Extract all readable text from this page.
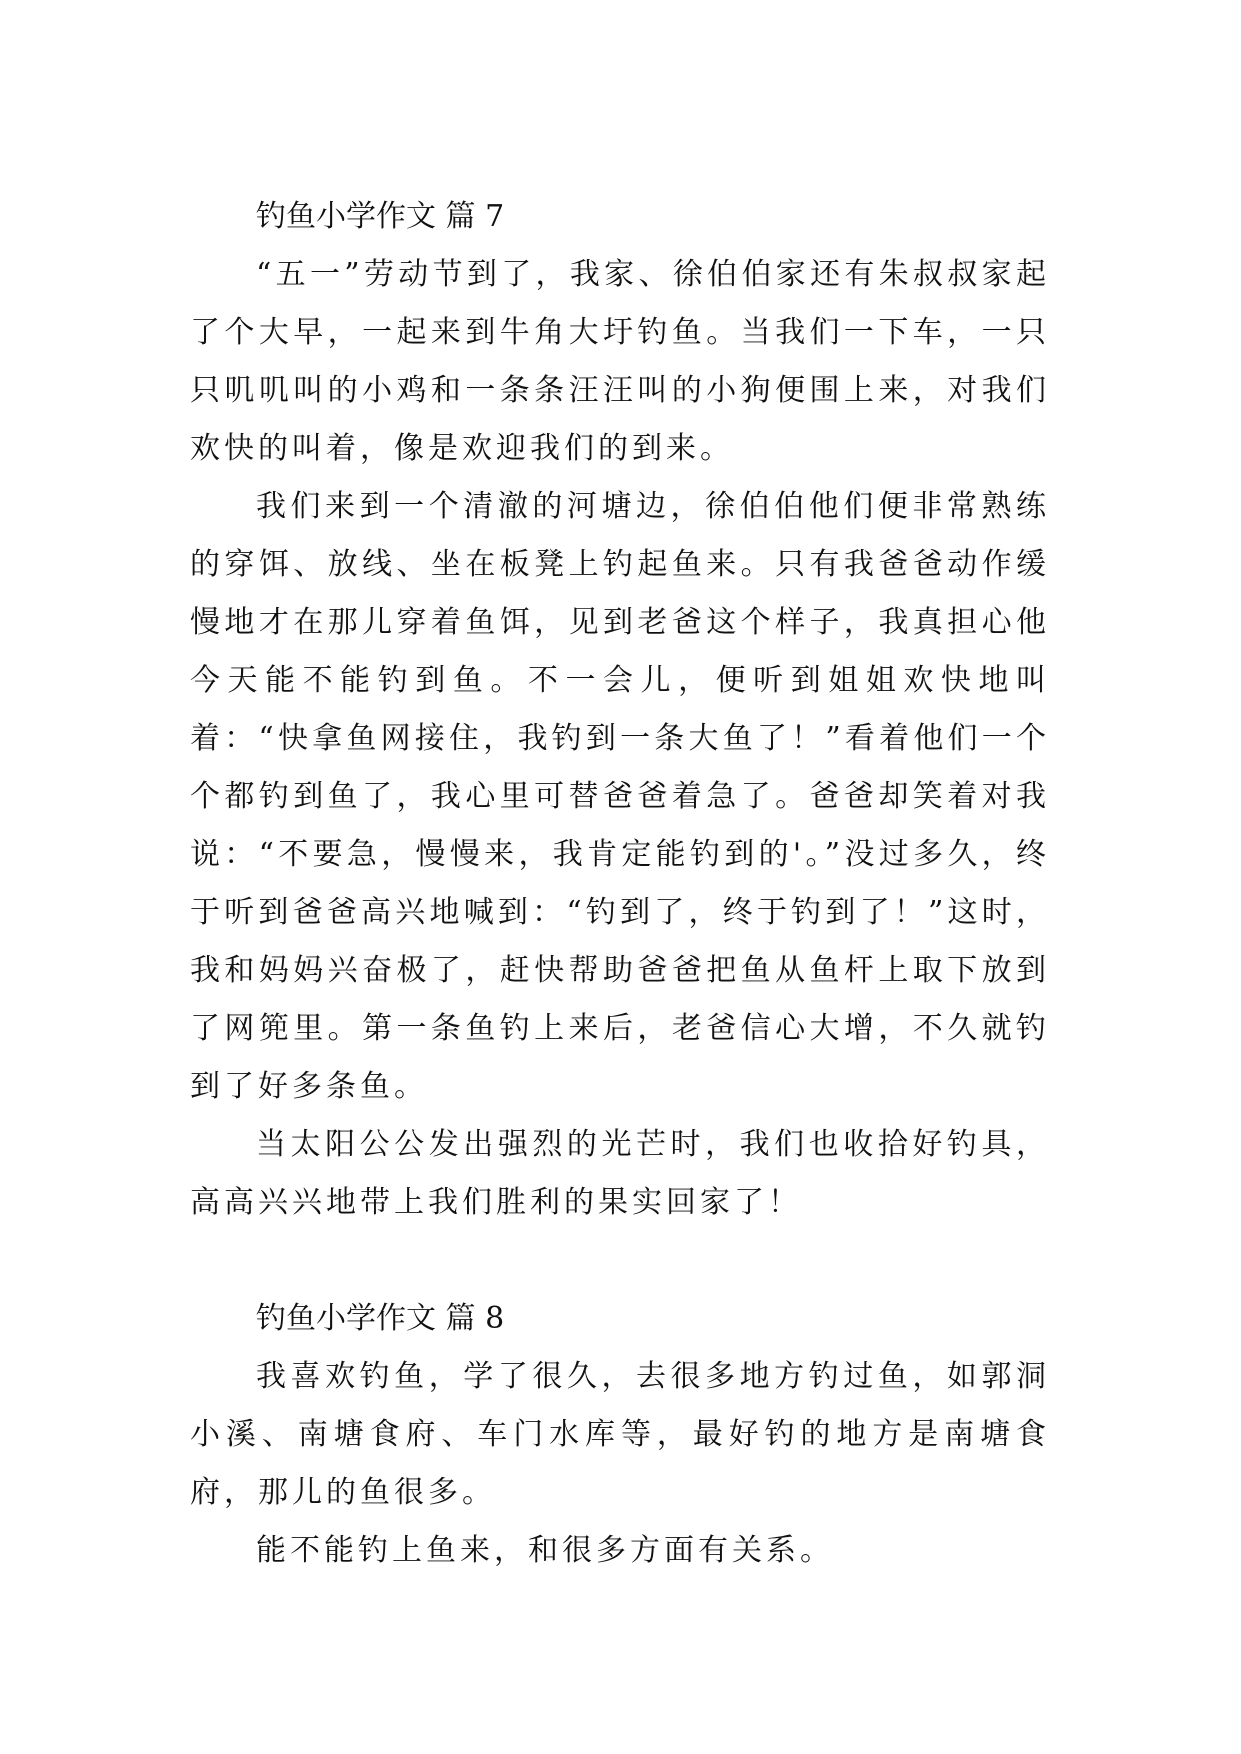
钓鱼小学作文 篇 7

“五一”劳动节到了，我家、徐伯伯家还有朱叔叔家起了个大早，一起来到牛角大圩钓鱼。当我们一下车，一只只叽叽叫的小鸡和一条条汪汪叫的小狗便围上来，对我们欢快的叫着，像是欢迎我们的到来。

我们来到一个清澈的河塘边，徐伯伯他们便非常熟练的穿饵、放线、坐在板凳上钓起鱼来。只有我爸爸动作缓慢地才在那儿穿着鱼饵，见到老爸这个样子，我真担心他今天能不能钓到鱼。不一会儿，便听到姐姐欢快地叫着：“快拿鱼网接住，我钓到一条大鱼了！”看着他们一个个都钓到鱼了，我心里可替爸爸着急了。爸爸却笑着对我说：“不要急，慢慢来，我肯定能钓到的'。”没过多久，终于听到爸爸高兴地喊到：“钓到了，终于钓到了！”这时，我和妈妈兴奋极了，赶快帮助爸爸把鱼从鱼杆上取下放到了网篼里。第一条鱼钓上来后，老爸信心大增，不久就钓到了好多条鱼。

当太阳公公发出强烈的光芒时，我们也收拾好钓具，高高兴兴地带上我们胜利的果实回家了！

钓鱼小学作文 篇 8

我喜欢钓鱼，学了很久，去很多地方钓过鱼，如郭洞小溪、南塘食府、车门水库等，最好钓的地方是南塘食府，那儿的鱼很多。

能不能钓上鱼来，和很多方面有关系。
